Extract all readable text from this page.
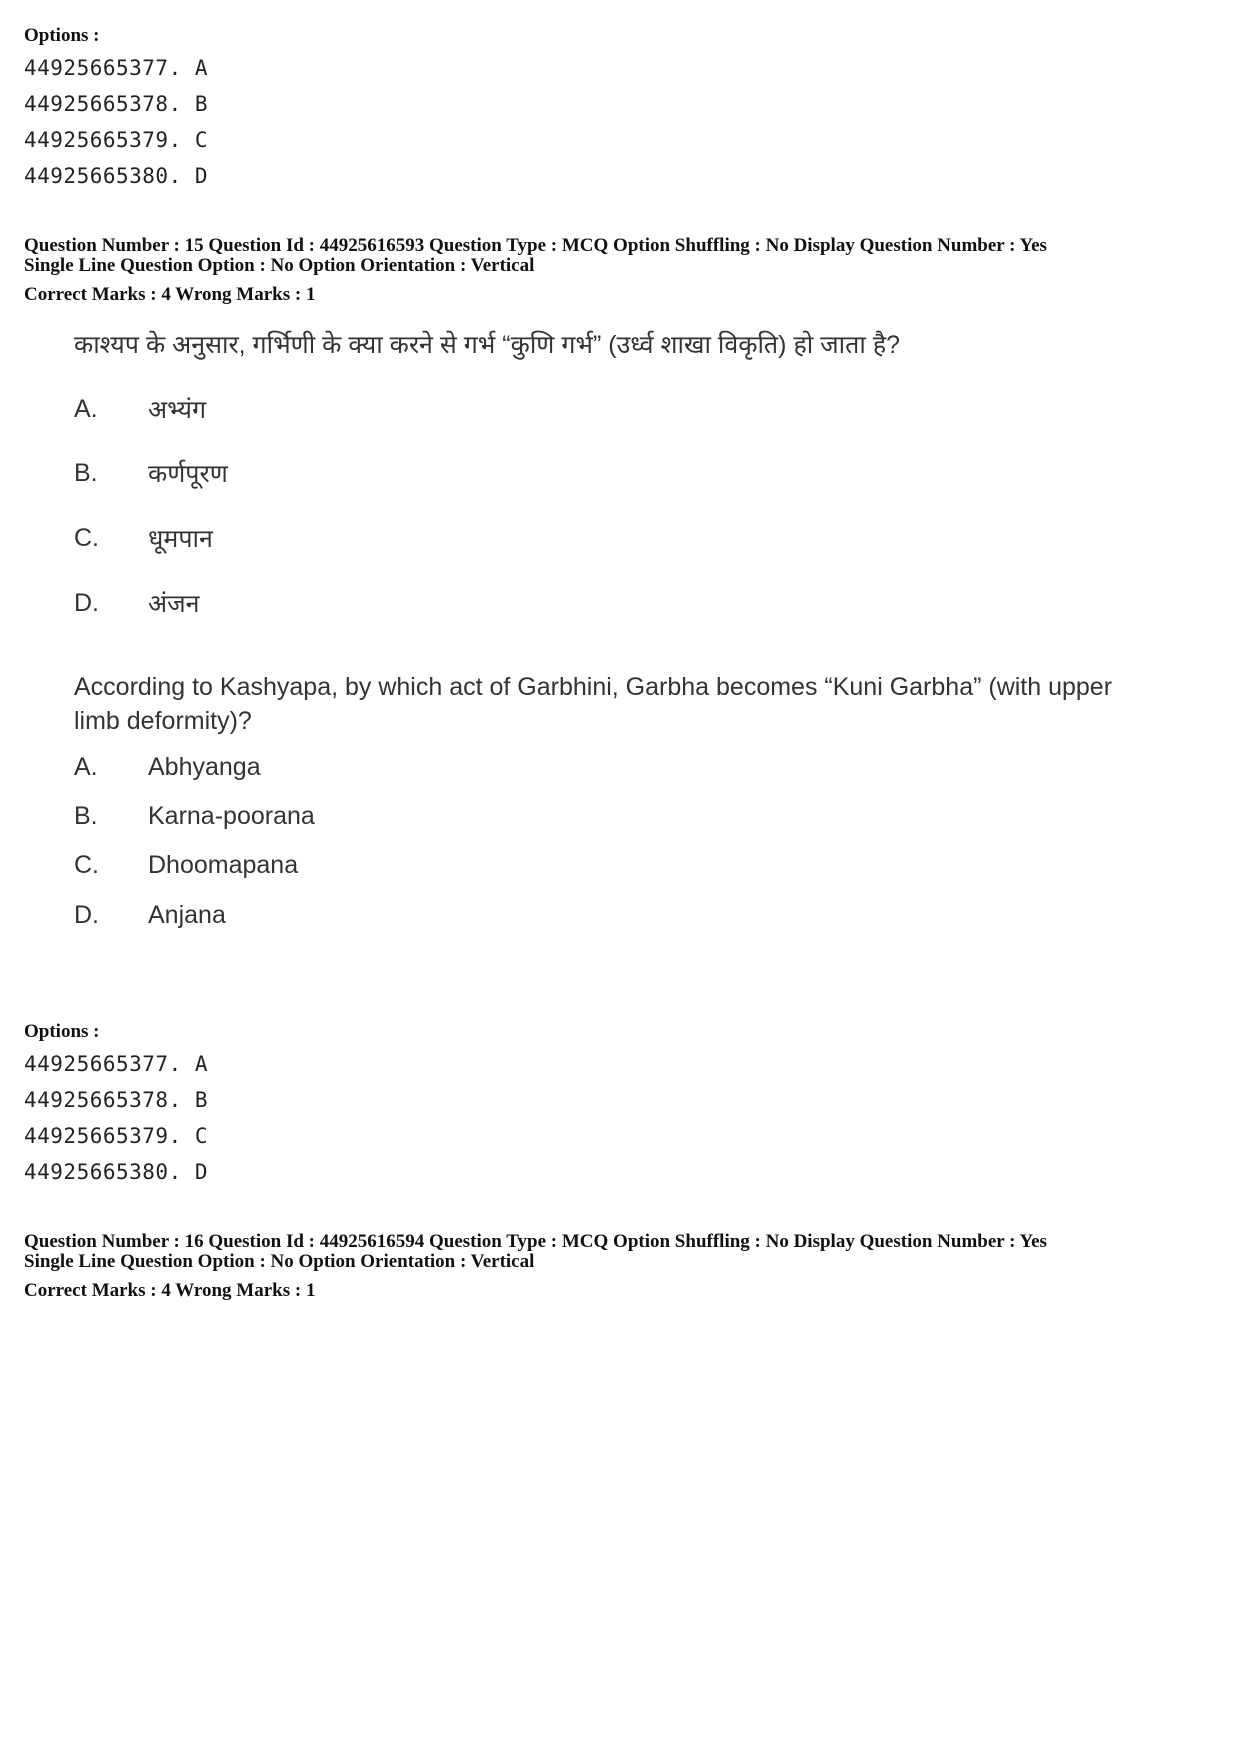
Options :
44925665377. A
44925665378. B
44925665379. C
44925665380. D
Question Number : 15 Question Id : 44925616593 Question Type : MCQ Option Shuffling : No Display Question Number : Yes
Single Line Question Option : No Option Orientation : Vertical
Correct Marks : 4 Wrong Marks : 1
काश्यप के अनुसार, गर्भिणी के क्या करने से गर्भ “कुणि गर्भ” (उर्ध्व शाखा विकृति) हो जाता है?
A.	अभ्यंग
B.	कर्णपूरण
C.	धूमपान
D.	अंजन
According to Kashyapa, by which act of Garbhini, Garbha becomes “Kuni Garbha” (with upper limb deformity)?
A.	Abhyanga
B.	Karna-poorana
C.	Dhoomapana
D.	Anjana
Options :
44925665377. A
44925665378. B
44925665379. C
44925665380. D
Question Number : 16 Question Id : 44925616594 Question Type : MCQ Option Shuffling : No Display Question Number : Yes
Single Line Question Option : No Option Orientation : Vertical
Correct Marks : 4 Wrong Marks : 1
